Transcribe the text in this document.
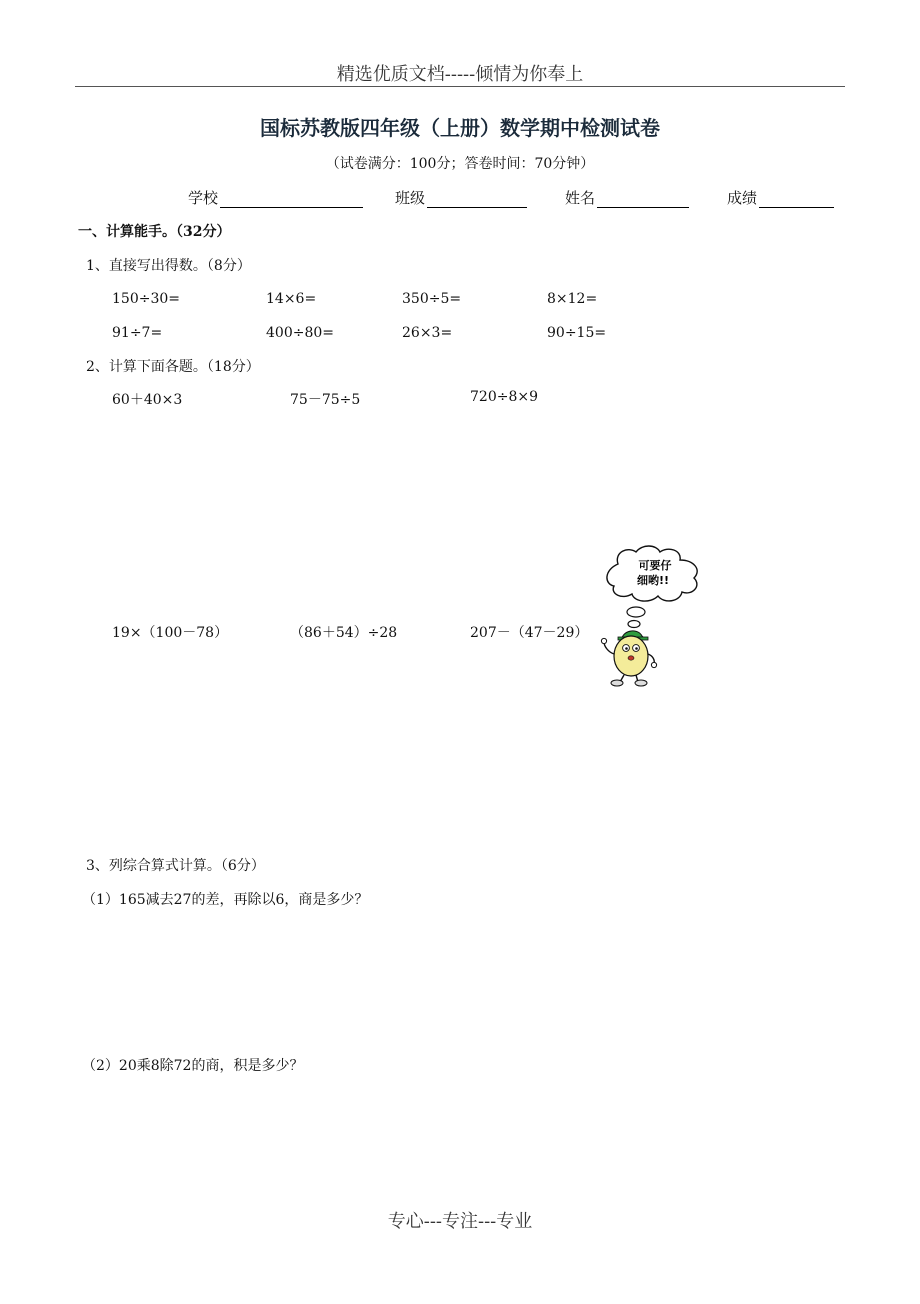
精选优质文档-----倾情为你奉上
国标苏教版四年级（上册）数学期中检测试卷
（试卷满分：100分；答卷时间：70分钟）
学校	班级	姓名	成绩
一、计算能手。（32分）
1、直接写出得数。（8分）
150÷30=	14×6=	350÷5=	8×12=
91÷7=	400÷80=	26×3=	90÷15=
2、计算下面各题。（18分）
60＋40×3	75－75÷5	720÷8×9
19×（100－78）	（86＋54）÷28	207－（47－29）
可要仔
细哟!!
3、列综合算式计算。（6分）
（1）165减去27的差，再除以6，商是多少？
（2）20乘8除72的商，积是多少？
专心---专注---专业
